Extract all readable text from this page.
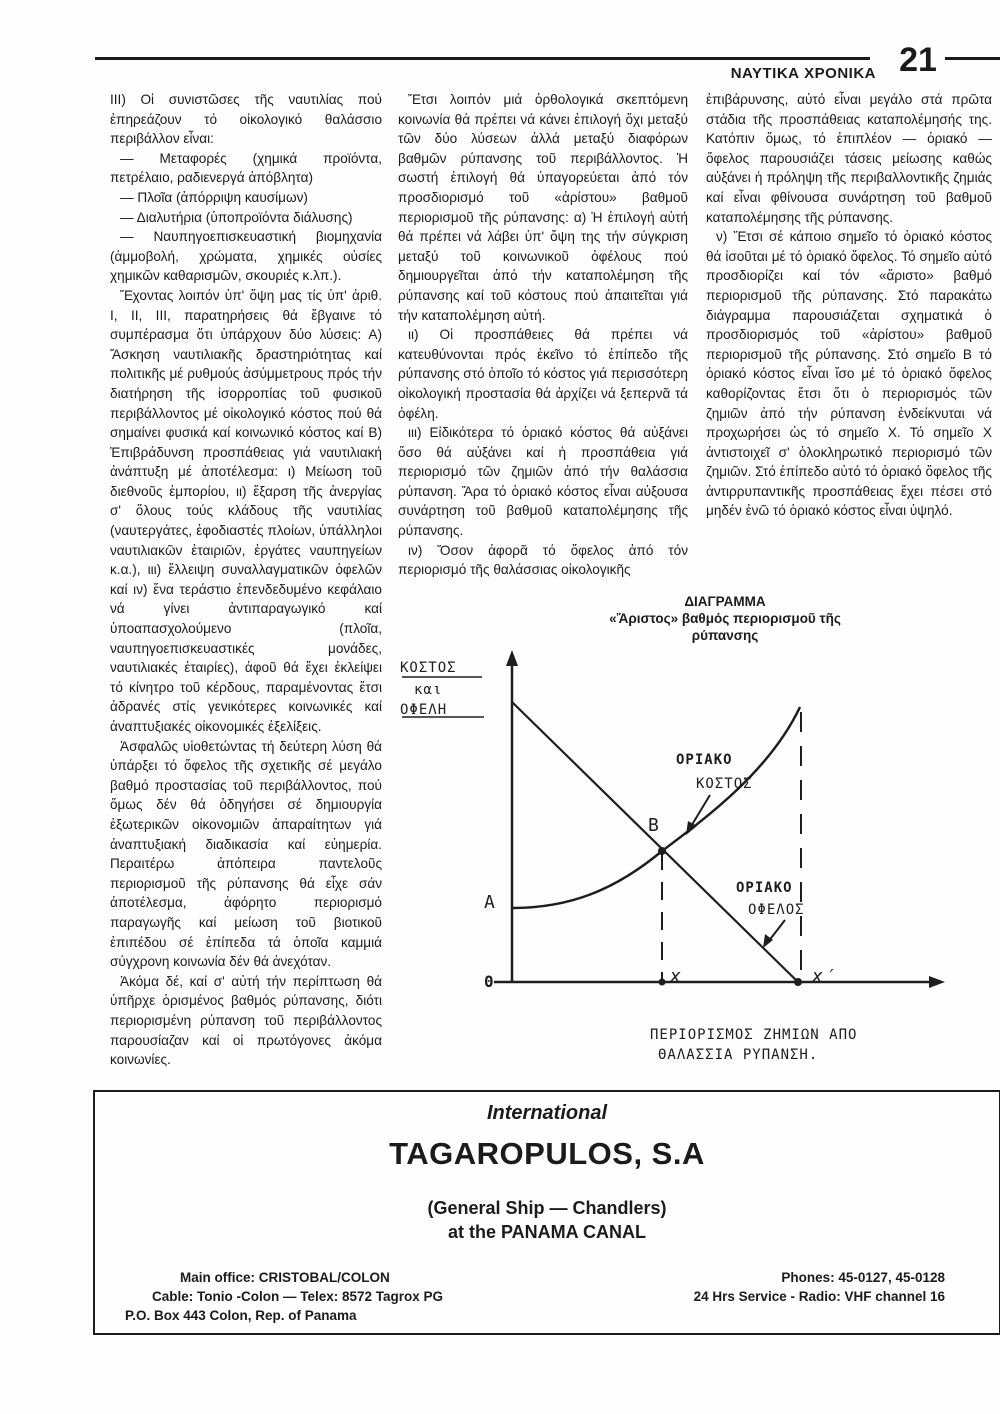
21
ΝΑΥΤΙΚΑ ΧΡΟΝΙΚΑ

ΙΙΙ) Οἱ συνιστῶσες τῆς ναυτιλίας πού ἐπηρεάζουν τό οἰκολογικό θαλάσσιο περιβάλλον εἶναι:

— Μεταφορές (χημικά προϊόντα, πετρέλαιο, ραδιενεργά ἀπόβλητα)

— Πλοῖα (ἀπόρριψη καυσίμων)

— Διαλυτήρια (ὑποπροϊόντα διάλυσης)

— Ναυπηγοεπισκευαστική βιομηχανία (ἀμμοβολή, χρώματα, χημικές οὐσίες χημικῶν καθαρισμῶν, σκουριές κ.λπ.).

Ἔχοντας λοιπόν ὑπ' ὄψη μας τίς ὑπ' ἀριθ. Ι, ΙΙ, ΙΙΙ, παρατηρήσεις θά ἔβγαινε τό συμπέρασμα ὅτι ὑπάρχουν δύο λύσεις: Α) Ἄσκηση ναυτιλιακῆς δραστηριότητας καί πολιτικῆς μέ ρυθμούς ἀσύμμετρους πρός τήν διατήρηση τῆς ἰσορροπίας τοῦ φυσικοῦ περιβάλλοντος μέ οἰκολογικό κόστος πού θά σημαίνει φυσικά καί κοινωνικό κόστος καί Β) Ἐπιβράδυνση προσπάθειας γιά ναυτιλιακή ἀνάπτυξη μέ ἀποτέλεσμα: ι) Μείωση τοῦ διεθνοῦς ἐμπορίου, ιι) ἔξαρση τῆς ἀνεργίας σ' ὅλους τούς κλάδους τῆς ναυτιλίας (ναυτεργάτες, ἐφοδιαστές πλοίων, ὑπάλληλοι ναυτιλιακῶν ἑταιριῶν, ἐργάτες ναυπηγείων κ.α.), ιιι) ἔλλειψη συναλλαγματικῶν ὀφελῶν καί ιν) ἕνα τεράστιο ἐπενδεδυμένο κεφάλαιο νά γίνει ἀντιπαραγωγικό καί ὑποαπασχολούμενο (πλοῖα, ναυπηγοεπισκευαστικές μονάδες, ναυτιλιακές ἑταιρίες), ἀφοῦ θά ἔχει ἐκλείψει τό κίνητρο τοῦ κέρδους, παραμένοντας ἔτσι ἀδρανές στίς γενικότερες κοινωνικές καί ἀναπτυξιακές οἰκονομικές ἐξελίξεις.

Ἀσφαλῶς υἱοθετώντας τή δεύτερη λύση θά ὑπάρξει τό ὄφελος τῆς σχετικῆς σέ μεγάλο βαθμό προστασίας τοῦ περιβάλλοντος, πού ὅμως δέν θά ὁδηγήσει σέ δημιουργία ἐξωτερικῶν οἰκονομιῶν ἀπαραίτητων γιά ἀναπτυξιακή διαδικασία καί εὐημερία. Περαιτέρω ἀπόπειρα παντελοῦς περιορισμοῦ τῆς ρύπανσης θά εἶχε σάν ἀποτέλεσμα, ἀφόρητο περιορισμό παραγωγῆς καί μείωση τοῦ βιοτικοῦ ἐπιπέδου σέ ἐπίπεδα τά ὁποῖα καμμιά σύγχρονη κοινωνία δέν θά ἀνεχόταν.

Ἀκόμα δέ, καί σ' αὐτή τήν περίπτωση θά ὑπῆρχε ὁρισμένος βαθμός ρύπανσης, διότι περιορισμένη ρύπανση τοῦ περιβάλλοντος παρουσίαζαν καί οἱ πρωτόγονες ἀκόμα κοινωνίες.

Ἔτσι λοιπόν μιά ὀρθολογικά σκεπτόμενη κοινωνία θά πρέπει νά κάνει ἐπιλογή ὄχι μεταξύ τῶν δύο λύσεων ἀλλά μεταξύ διαφόρων βαθμῶν ρύπανσης τοῦ περιβάλλοντος. Ἡ σωστή ἐπιλογή θά ὑπαγορεύεται ἀπό τόν προσδιορισμό τοῦ «ἀρίστου» βαθμοῦ περιορισμοῦ τῆς ρύπανσης: α) Ἡ ἐπιλογή αὐτή θά πρέπει νά λάβει ὑπ' ὄψη της τήν σύγκριση μεταξύ τοῦ κοινωνικοῦ ὀφέλους πού δημιουργεῖται ἀπό τήν καταπολέμηση τῆς ρύπανσης καί τοῦ κόστους πού ἀπαιτεῖται γιά τήν καταπολέμηση αὐτή.

ιι) Οἱ προσπάθειες θά πρέπει νά κατευθύνονται πρός ἐκεῖνο τό ἐπίπεδο τῆς ρύπανσης στό ὁποῖο τό κόστος γιά περισσότερη οἰκολογική προστασία θά ἀρχίζει νά ξεπερνᾶ τά ὀφέλη.

ιιι) Εἰδικότερα τό ὁριακό κόστος θά αὐξάνει ὅσο θά αὐξάνει καί ἡ προσπάθεια γιά περιορισμό τῶν ζημιῶν ἀπό τήν θαλάσσια ρύπανση. Ἄρα τό ὁριακό κόστος εἶναι αὐξουσα συνάρτηση τοῦ βαθμοῦ καταπολέμησης τῆς ρύπανσης.

ιν) Ὅσον ἀφορᾶ τό ὄφελος ἀπό τόν περιορισμό τῆς θαλάσσιας οἰκολογικῆς

ἐπιβάρυνσης, αὐτό εἶναι μεγάλο στά πρῶτα στάδια τῆς προσπάθειας καταπολέμησής της. Κατόπιν ὅμως, τό ἐπιπλέον — ὁριακό — ὄφελος παρουσιάζει τάσεις μείωσης καθώς αὐξάνει ἡ πρόληψη τῆς περιβαλλοντικῆς ζημιάς καί εἶναι φθίνουσα συνάρτηση τοῦ βαθμοῦ καταπολέμησης τῆς ρύπανσης.

ν) Ἔτσι σέ κάποιο σημεῖο τό ὁριακό κόστος θά ἰσοῦται μέ τό ὁριακό ὄφελος. Τό σημεῖο αὐτό προσδιορίζει καί τόν «ἄριστο» βαθμό περιορισμοῦ τῆς ρύπανσης. Στό παρακάτω διάγραμμα παρουσιάζεται σχηματικά ὁ προσδιορισμός τοῦ «ἀρίστου» βαθμοῦ περιορισμοῦ τῆς ρύπανσης. Στό σημεῖο Β τό ὁριακό κόστος εἶναι ἴσο μέ τό ὁριακό ὄφελος καθορίζοντας ἔτσι ὅτι ὁ περιορισμός τῶν ζημιῶν ἀπό τήν ρύπανση ἐνδείκνυται νά προχωρήσει ὡς τό σημεῖο Χ. Τό σημεῖο Χ ἀντιστοιχεῖ σ' ὁλοκληρωτικό περιορισμό τῶν ζημιῶν. Στό ἐπίπεδο αὐτό τό ὁριακό ὄφελος τῆς ἀντιρρυπαντικῆς προσπάθειας ἔχει πέσει στό μηδέν ἐνῶ τό ὁριακό κόστος εἶναι ὑψηλό.

ΔΙΑΓΡΑΜΜΑ
«Ἄριστος» βαθμός περιορισμοῦ τῆς
ρύπανσης
ΚΟΣΤΟΣ
και
ΟΦΕΛΗ
ΟΡΙΑΚΟ
ΚΟΣΤΟΣ
ΟΡΙΑΚΟ
ΟΦΕΛΟΣ
B
A
0	x	x′
ΠΕΡΙΟΡΙΣΜΟΣ ΖΗΜΙΩΝ ΑΠΟ
ΘΑΛΑΣΣΙΑ ΡΥΠΑΝΣΗ.
International
TAGAROPULOS, S.A
(General Ship — Chandlers)
at the PANAMA CANAL
Main office: CRISTOBAL/COLON
Cable: Tonio -Colon — Telex: 8572 Tagrox PG
P.O. Box 443 Colon, Rep. of Panama
Phones: 45-0127, 45-0128
24 Hrs Service - Radio: VHF channel 16
